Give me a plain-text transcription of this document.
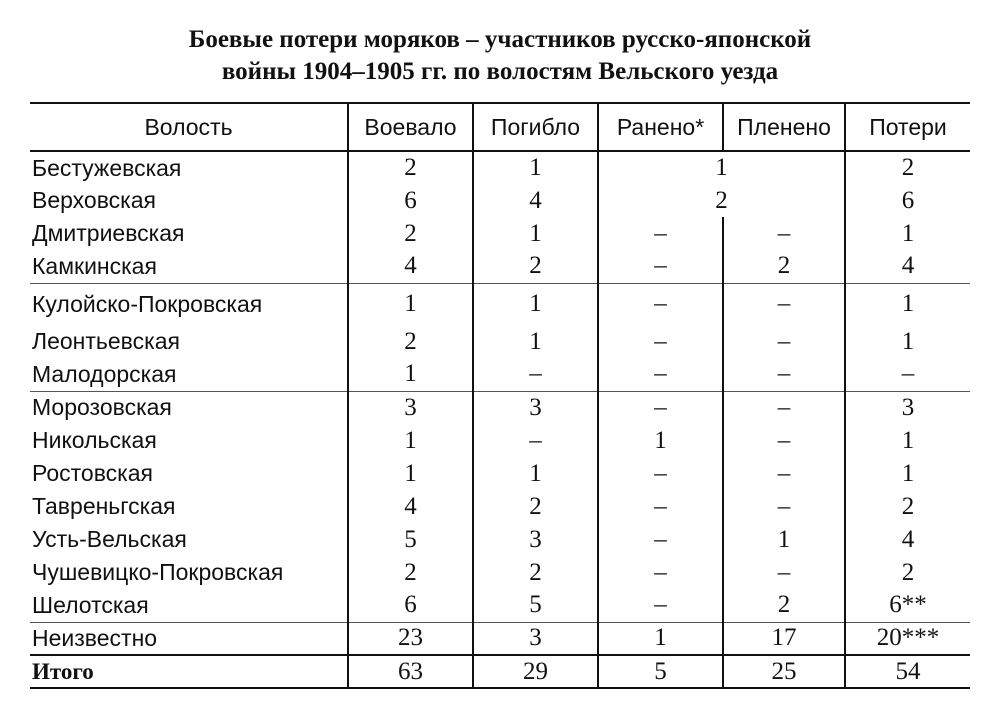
Боевые потери моряков – участников русско-японской
войны 1904–1905 гг. по волостям Вельского уезда
Волость	Воевало	Погибло	Ранено*	Пленено	Потери
Бестужевская	2	1	1		2
Верховская	6	4	2		6
Дмитриевская	2	1	–	–	1
Камкинская	4	2	–	2	4
Кулойско-Покровская	1	1	–	–	1
Леонтьевская	2	1	–	–	1
Малодорская	1	–	–	–	–
Морозовская	3	3	–	–	3
Никольская	1	–	1	–	1
Ростовская	1	1	–	–	1
Тавреньгская	4	2	–	–	2
Усть-Вельская	5	3	–	1	4
Чушевицко-Покровская	2	2	–	–	2
Шелотская	6	5	–	2	6**
Неизвестно	23	3	1	17	20***
Итого	63	29	5	25	54
